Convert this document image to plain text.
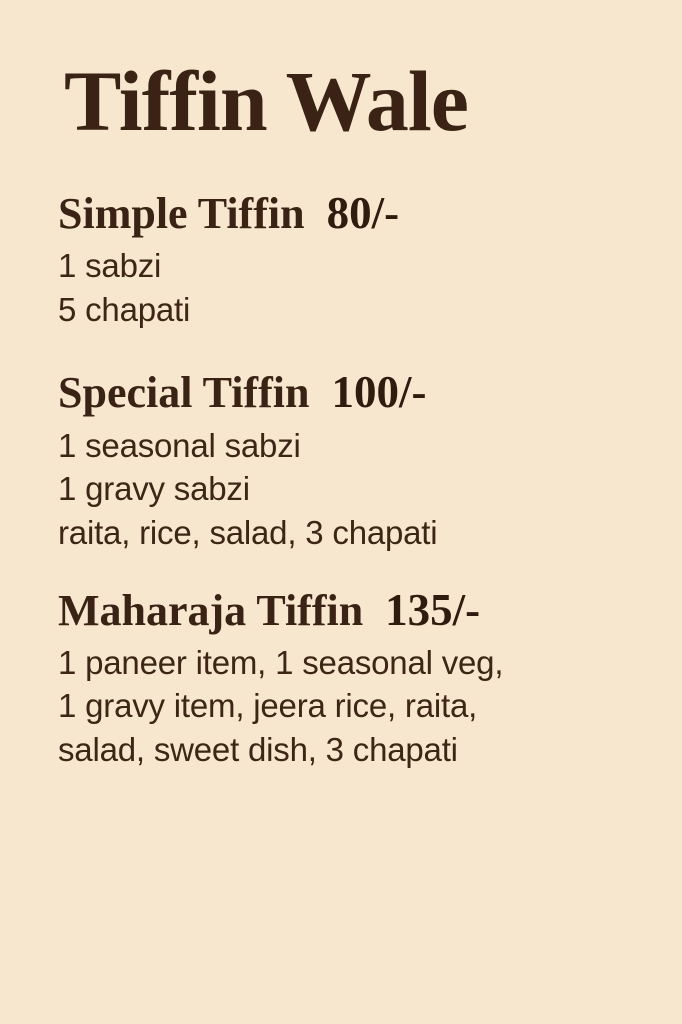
Tiffin Wale
Simple Tiffin 80/-
1 sabzi
5 chapati
Special Tiffin 100/-
1 seasonal sabzi
1 gravy sabzi
raita, rice, salad, 3 chapati
Maharaja Tiffin 135/-
1 paneer item, 1 seasonal veg,
1 gravy item, jeera rice, raita,
salad, sweet dish, 3 chapati
